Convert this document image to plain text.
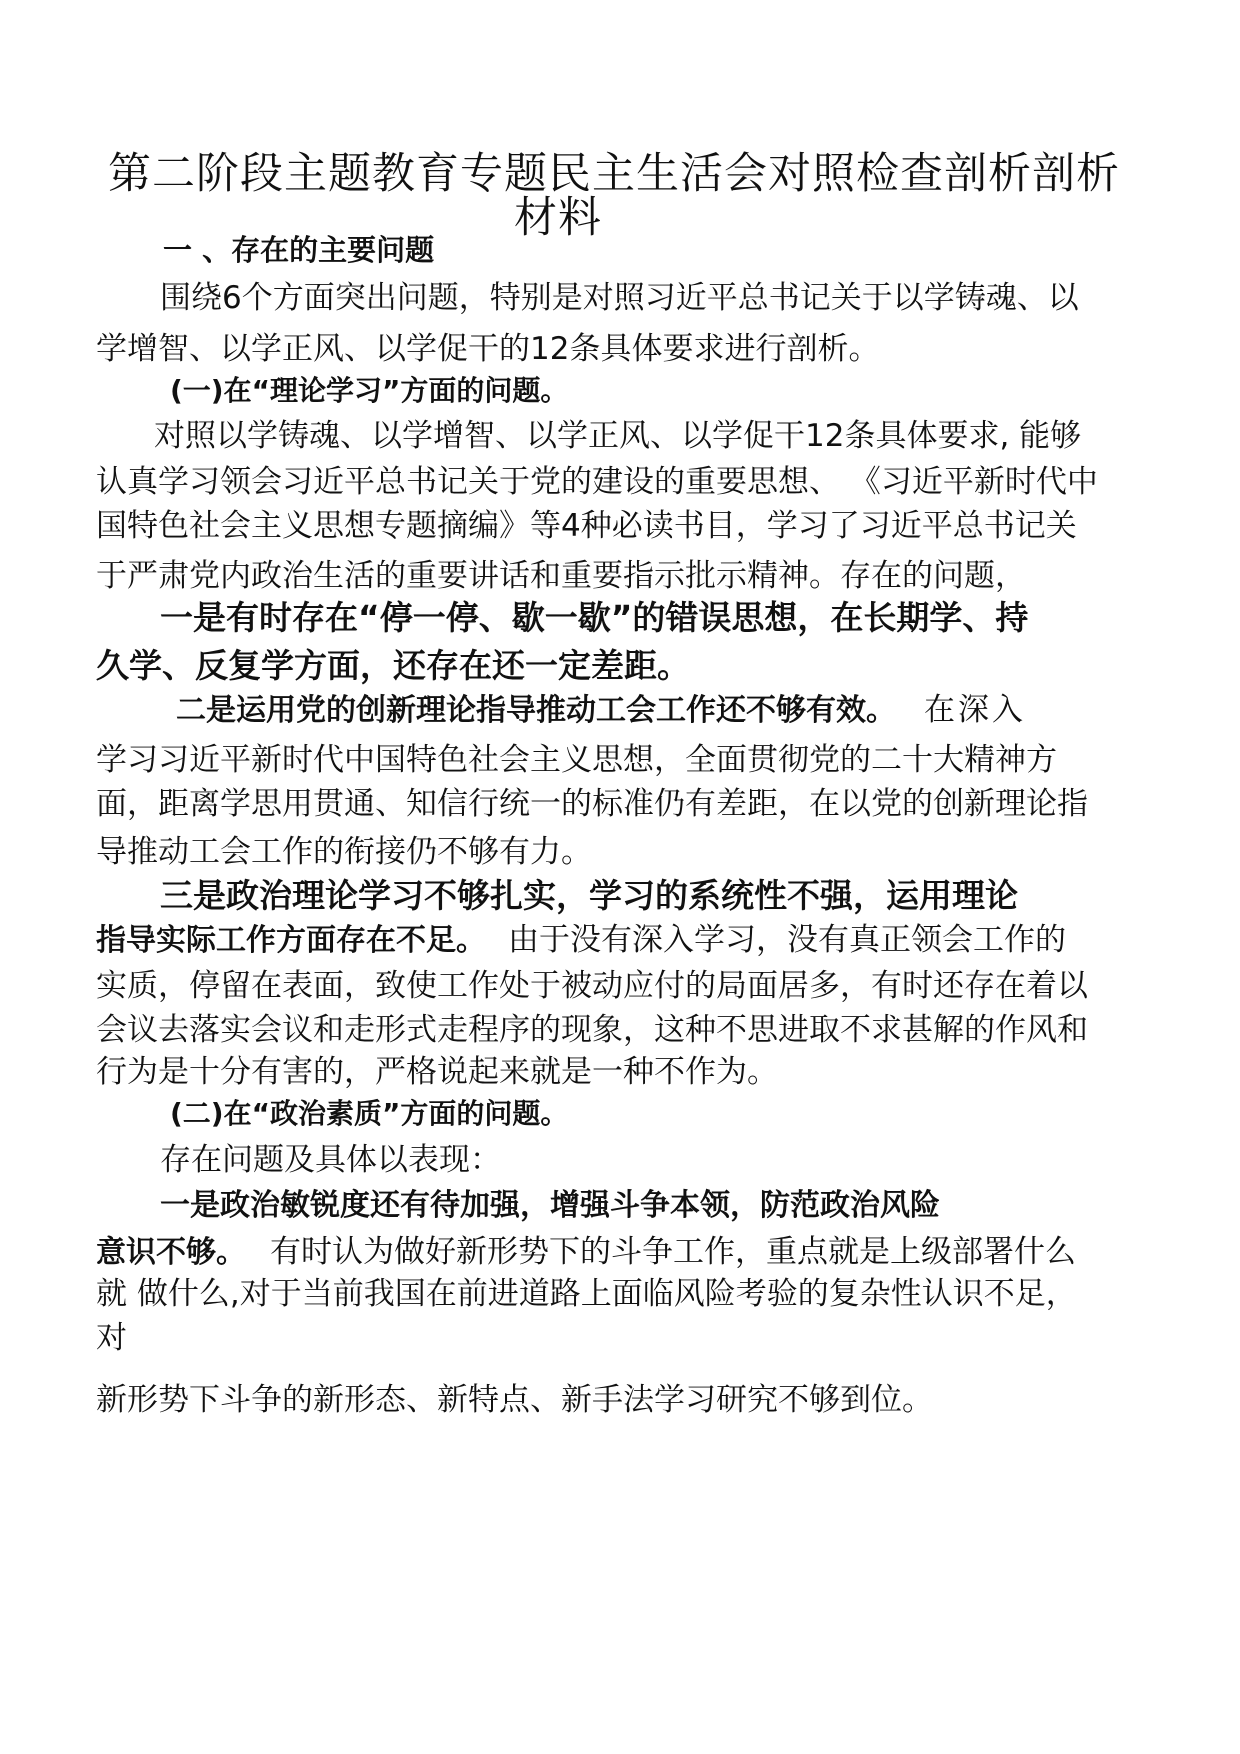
第二阶段主题教育专题民主生活会对照检查剖析剖析
材料
一 、存在的主要问题
围绕6个方面突出问题，特别是对照习近平总书记关于以学铸魂、以
学增智、以学正风、以学促干的12条具体要求进行剖析。
(一)在“理论学习”方面的问题。
对照以学铸魂、以学增智、以学正风、以学促干12条具体要求, 能够
认真学习领会习近平总书记关于党的建设的重要思想、 《习近平新时代中
国特色社会主义思想专题摘编》等4种必读书目，学习了习近平总书记关
于严肃党内政治生活的重要讲话和重要指示批示精神。存在的问题，
一是有时存在“停一停、歇一歇”的错误思想，在长期学、持
久学、反复学方面，还存在还一定差距。
二是运用党的创新理论指导推动工会工作还不够有效。 在深入
学习习近平新时代中国特色社会主义思想，全面贯彻党的二十大精神方
面，距离学思用贯通、知信行统一的标准仍有差距，在以党的创新理论指
导推动工会工作的衔接仍不够有力。
三是政治理论学习不够扎实，学习的系统性不强，运用理论
指导实际工作方面存在不足。 由于没有深入学习，没有真正领会工作的
实质，停留在表面，致使工作处于被动应付的局面居多，有时还存在着以
会议去落实会议和走形式走程序的现象，这种不思进取不求甚解的作风和
行为是十分有害的，严格说起来就是一种不作为。
(二)在“政治素质”方面的问题。
存在问题及具体以表现：
一是政治敏锐度还有待加强，增强斗争本领，防范政治风险
意识不够。 有时认为做好新形势下的斗争工作，重点就是上级部署什么
就 做什么,对于当前我国在前进道路上面临风险考验的复杂性认识不足，
对
新形势下斗争的新形态、新特点、新手法学习研究不够到位。
